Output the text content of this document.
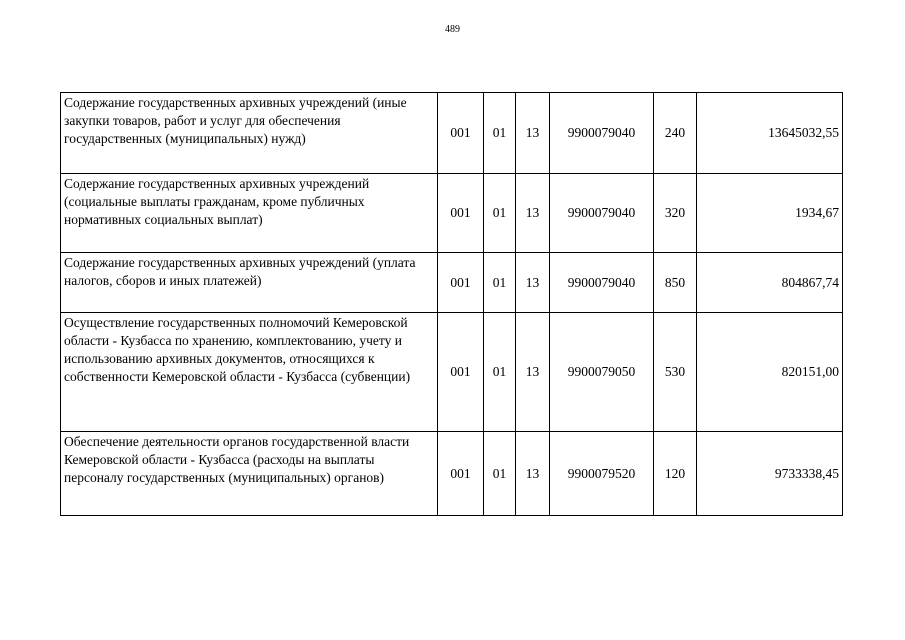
489
Содержание государственных архивных учреждений (иные закупки товаров, работ и услуг для обеспечения государственных (муниципальных) нужд)	001	01	13	9900079040	240	13645032,55
Содержание государственных архивных учреждений (социальные выплаты гражданам, кроме публичных нормативных социальных выплат)	001	01	13	9900079040	320	1934,67
Содержание государственных архивных учреждений (уплата налогов, сборов и иных платежей)	001	01	13	9900079040	850	804867,74
Осуществление государственных полномочий Кемеровской области - Кузбасса по хранению, комплектованию, учету и использованию архивных документов, относящихся к собственности Кемеровской области - Кузбасса (субвенции)	001	01	13	9900079050	530	820151,00
Обеспечение деятельности органов государственной власти Кемеровской области - Кузбасса (расходы на выплаты персоналу государственных (муниципальных) органов)	001	01	13	9900079520	120	9733338,45
